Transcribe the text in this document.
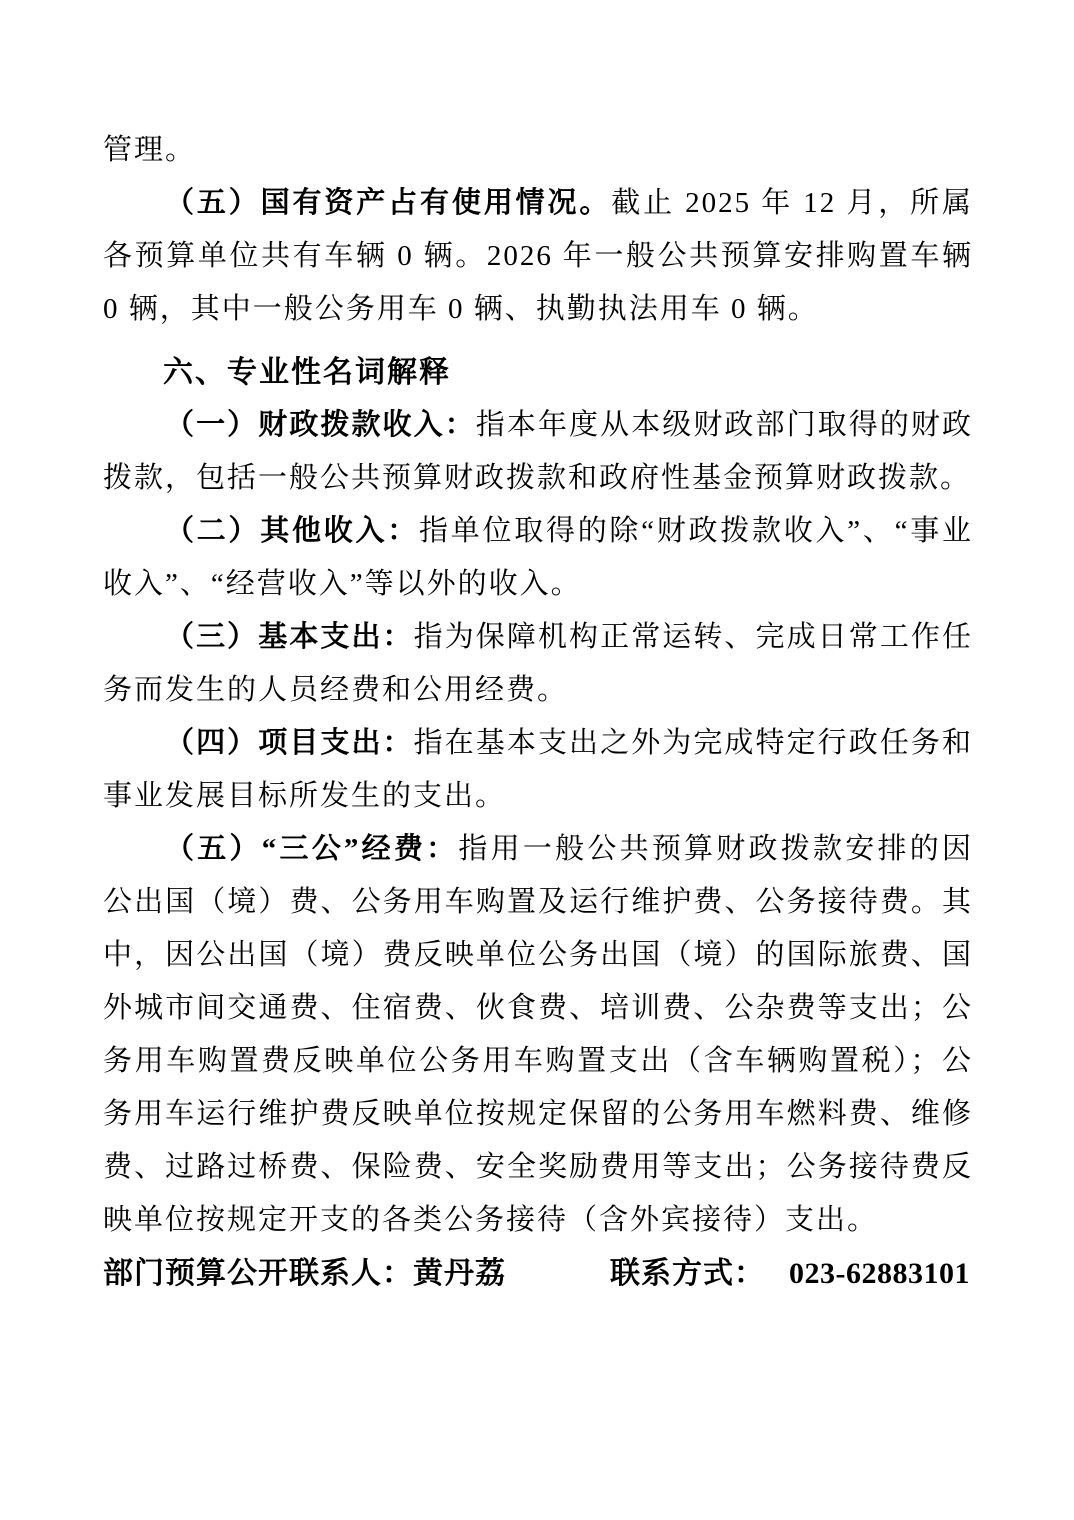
管理。

（五）国有资产占有使用情况。截止 2025 年 12 月，所属各预算单位共有车辆 0 辆。2026 年一般公共预算安排购置车辆 0 辆，其中一般公务用车 0 辆、执勤执法用车 0 辆。

六、专业性名词解释

（一）财政拨款收入：指本年度从本级财政部门取得的财政拨款，包括一般公共预算财政拨款和政府性基金预算财政拨款。

（二）其他收入：指单位取得的除“财政拨款收入”、“事业收入”、“经营收入”等以外的收入。

（三）基本支出：指为保障机构正常运转、完成日常工作任务而发生的人员经费和公用经费。

（四）项目支出：指在基本支出之外为完成特定行政任务和事业发展目标所发生的支出。

（五）“三公”经费：指用一般公共预算财政拨款安排的因公出国（境）费、公务用车购置及运行维护费、公务接待费。其中，因公出国（境）费反映单位公务出国（境）的国际旅费、国外城市间交通费、住宿费、伙食费、培训费、公杂费等支出；公务用车购置费反映单位公务用车购置支出（含车辆购置税）；公务用车运行维护费反映单位按规定保留的公务用车燃料费、维修费、过路过桥费、保险费、安全奖励费用等支出；公务接待费反映单位按规定开支的各类公务接待（含外宾接待）支出。

部门预算公开联系人：黄丹荔	联系方式： 023-62883101
